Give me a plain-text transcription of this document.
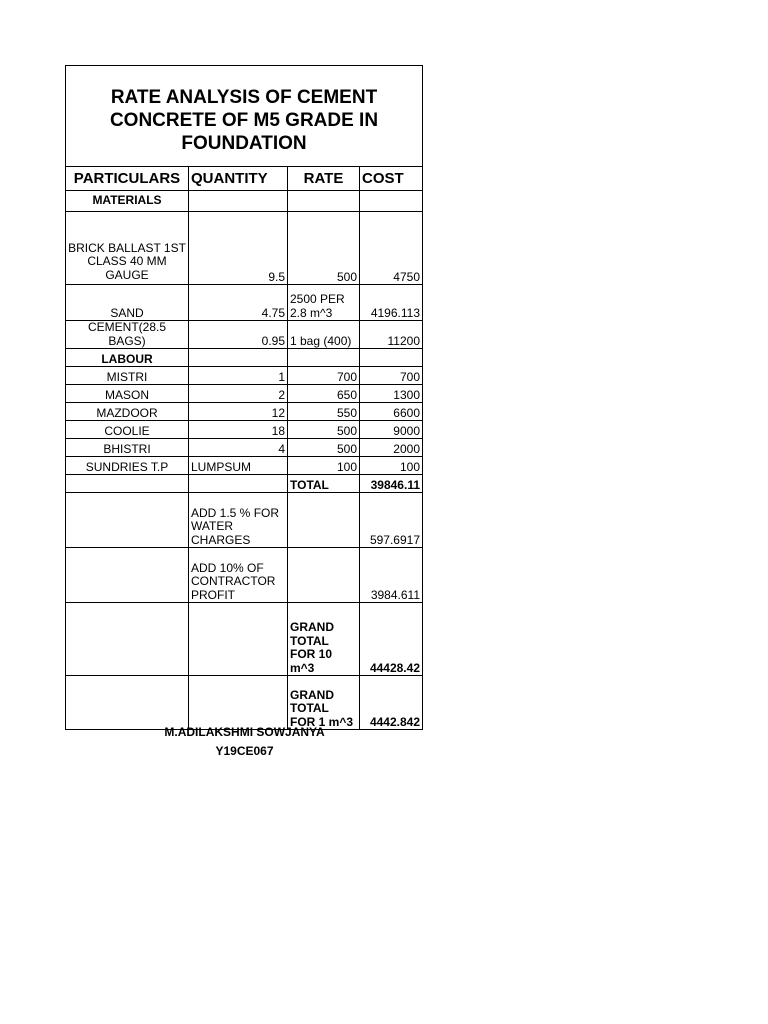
RATE ANALYSIS OF CEMENT CONCRETE OF M5 GRADE IN FOUNDATION			
PARTICULARS	QUANTITY	RATE	COST
MATERIALS			
BRICK BALLAST 1ST CLASS 40 MM GAUGE	9.5	500	4750
SAND	4.75	2500 PER 2.8 m^3	4196.113
CEMENT(28.5 BAGS)	0.95	1 bag (400)	11200
LABOUR			
MISTRI	1	700	700
MASON	2	650	1300
MAZDOOR	12	550	6600
COOLIE	18	500	9000
BHISTRI	4	500	2000
SUNDRIES T.P	LUMPSUM	100	100
		TOTAL	39846.11
	ADD 1.5 % FOR WATER CHARGES		597.6917
	ADD 10% OF CONTRACTOR PROFIT		3984.611
		GRAND TOTAL FOR 10 m^3	44428.42
		GRAND TOTAL FOR 1 m^3	4442.842
M.ADILAKSHMI SOWJANYA
Y19CE067
